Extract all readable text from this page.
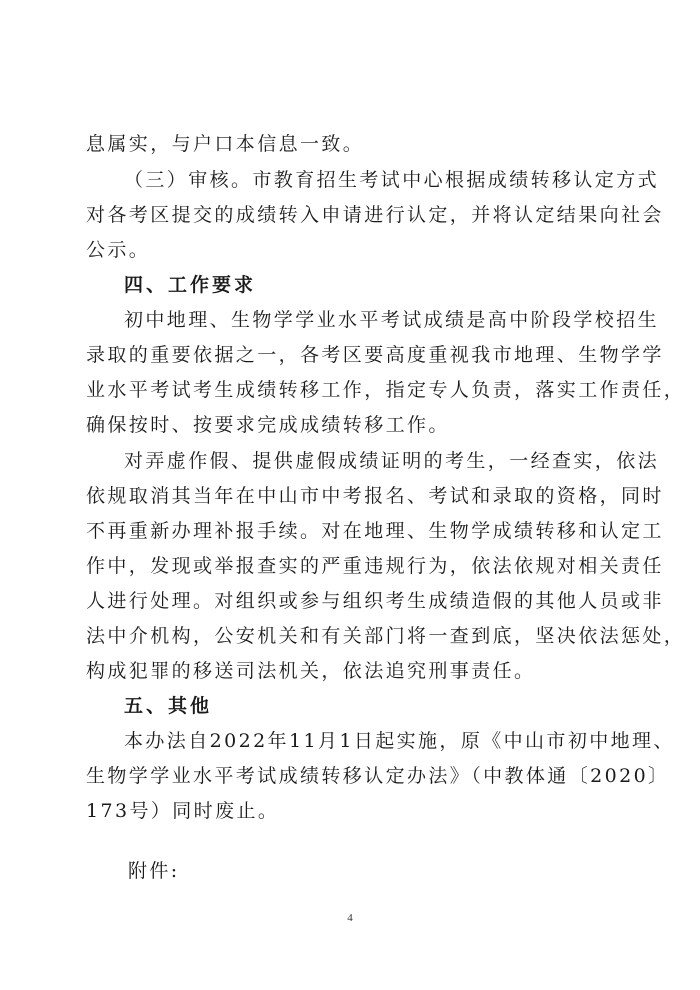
息属实，与户口本信息一致。
（三）审核。市教育招生考试中心根据成绩转移认定方式
对各考区提交的成绩转入申请进行认定，并将认定结果向社会
公示。
四、工作要求
初中地理、生物学学业水平考试成绩是高中阶段学校招生
录取的重要依据之一，各考区要高度重视我市地理、生物学学
业水平考试考生成绩转移工作，指定专人负责，落实工作责任，
确保按时、按要求完成成绩转移工作。
对弄虚作假、提供虚假成绩证明的考生，一经查实，依法
依规取消其当年在中山市中考报名、考试和录取的资格，同时
不再重新办理补报手续。对在地理、生物学成绩转移和认定工
作中，发现或举报查实的严重违规行为，依法依规对相关责任
人进行处理。对组织或参与组织考生成绩造假的其他人员或非
法中介机构，公安机关和有关部门将一查到底，坚决依法惩处，
构成犯罪的移送司法机关，依法追究刑事责任。
五、其他
本办法自2022年11月1日起实施，原《中山市初中地理、
生物学学业水平考试成绩转移认定办法》（中教体通〔2020〕
173号）同时废止。
附件:
4
